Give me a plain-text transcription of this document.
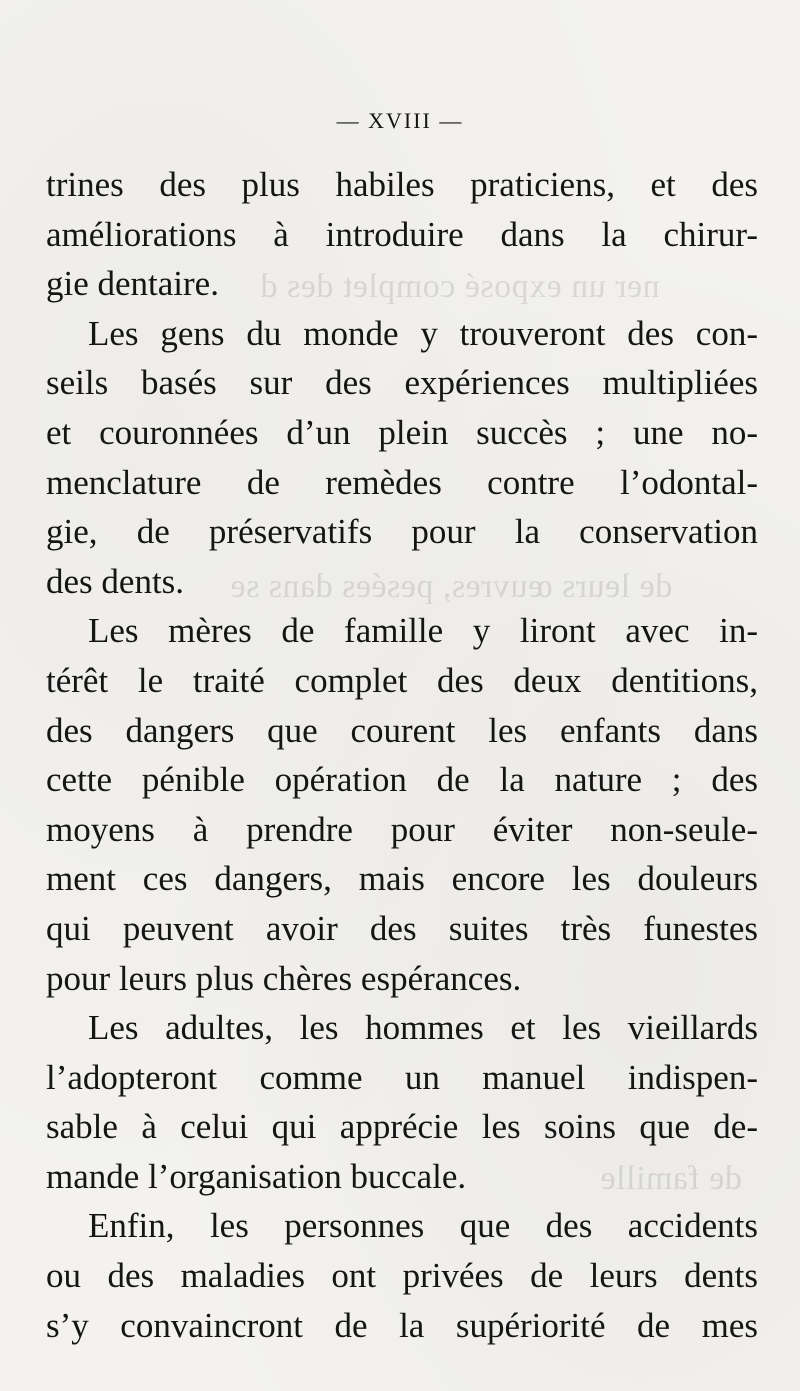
ner un exposé complet des d
de leurs œuvres, pesées dans se
de famille
— XVIII —
trines des plus habiles praticiens, et des
améliorations à introduire dans la chirur-
gie dentaire.
Les gens du monde y trouveront des con-
seils basés sur des expériences multipliées
et couronnées d’un plein succès ; une no-
menclature de remèdes contre l’odontal-
gie, de préservatifs pour la conservation
des dents.
Les mères de famille y liront avec in-
térêt le traité complet des deux dentitions,
des dangers que courent les enfants dans
cette pénible opération de la nature ; des
moyens à prendre pour éviter non-seule-
ment ces dangers, mais encore les douleurs
qui peuvent avoir des suites très funestes
pour leurs plus chères espérances.
Les adultes, les hommes et les vieillards
l’adopteront comme un manuel indispen-
sable à celui qui apprécie les soins que de-
mande l’organisation buccale.
Enfin, les personnes que des accidents
ou des maladies ont privées de leurs dents
s’y convaincront de la supériorité de mes
